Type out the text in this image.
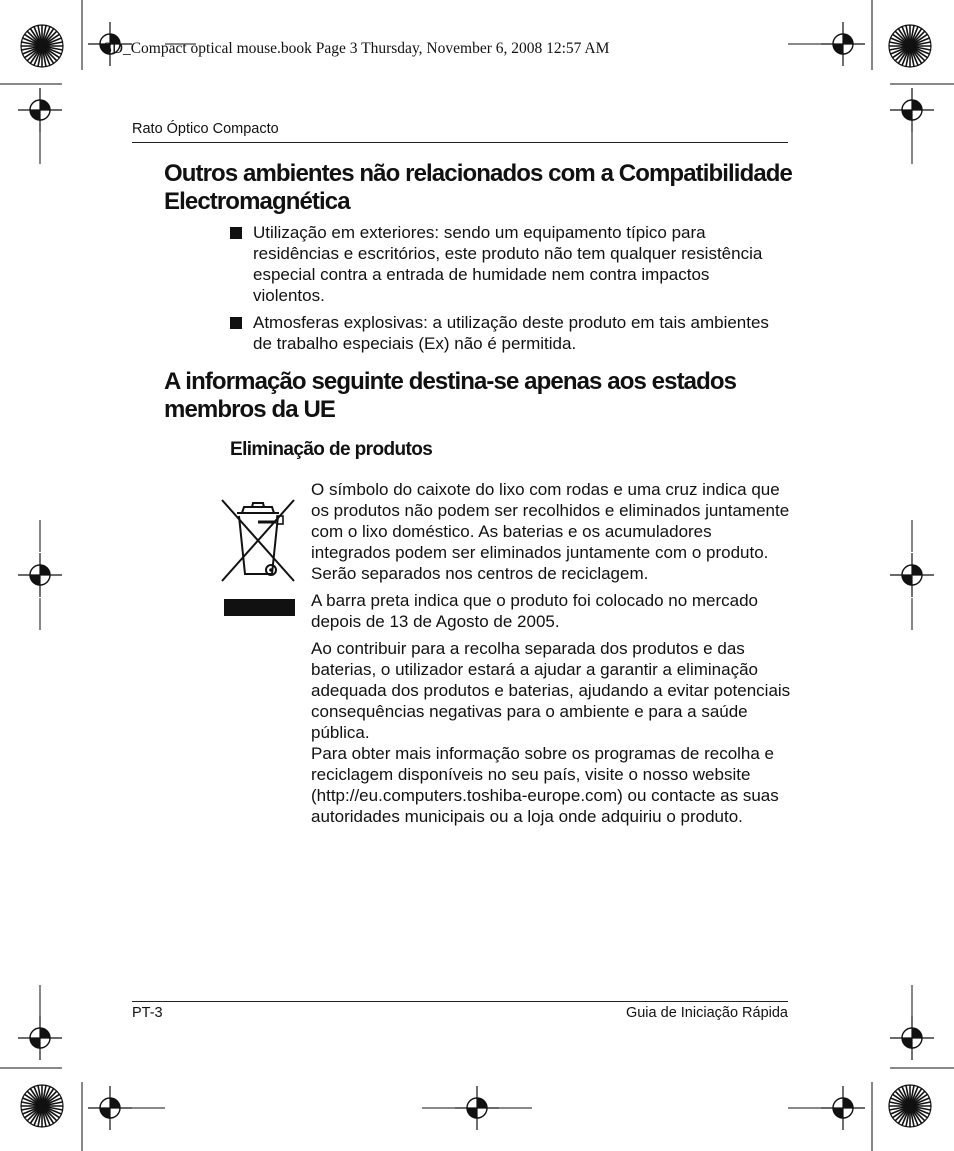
3D_Compact optical mouse.book Page 3 Thursday, November 6, 2008 12:57 AM

Rato Óptico Compacto

Outros ambientes não relacionados com a Compatibilidade
Electromagnética
Utilização em exteriores: sendo um equipamento típico para residências e escritórios, este produto não tem qualquer resistência especial contra a entrada de humidade nem contra impactos violentos.
Atmosferas explosivas: a utilização deste produto em tais ambientes de trabalho especiais (Ex) não é permitida.
A informação seguinte destina-se apenas aos estados
membros da UE
Eliminação de produtos

O símbolo do caixote do lixo com rodas e uma cruz indica que os produtos não podem ser recolhidos e eliminados juntamente com o lixo doméstico. As baterias e os acumuladores integrados podem ser eliminados juntamente com o produto. Serão separados nos centros de reciclagem.

A barra preta indica que o produto foi colocado no mercado depois de 13 de Agosto de 2005.

Ao contribuir para a recolha separada dos produtos e das baterias, o utilizador estará a ajudar a garantir a eliminação adequada dos produtos e baterias, ajudando a evitar potenciais consequências negativas para o ambiente e para a saúde pública.

Para obter mais informação sobre os programas de recolha e reciclagem disponíveis no seu país, visite o nosso website (http://eu.computers.toshiba-europe.com) ou contacte as suas autoridades municipais ou a loja onde adquiriu o produto.

PT-3	Guia de Iniciação Rápida
